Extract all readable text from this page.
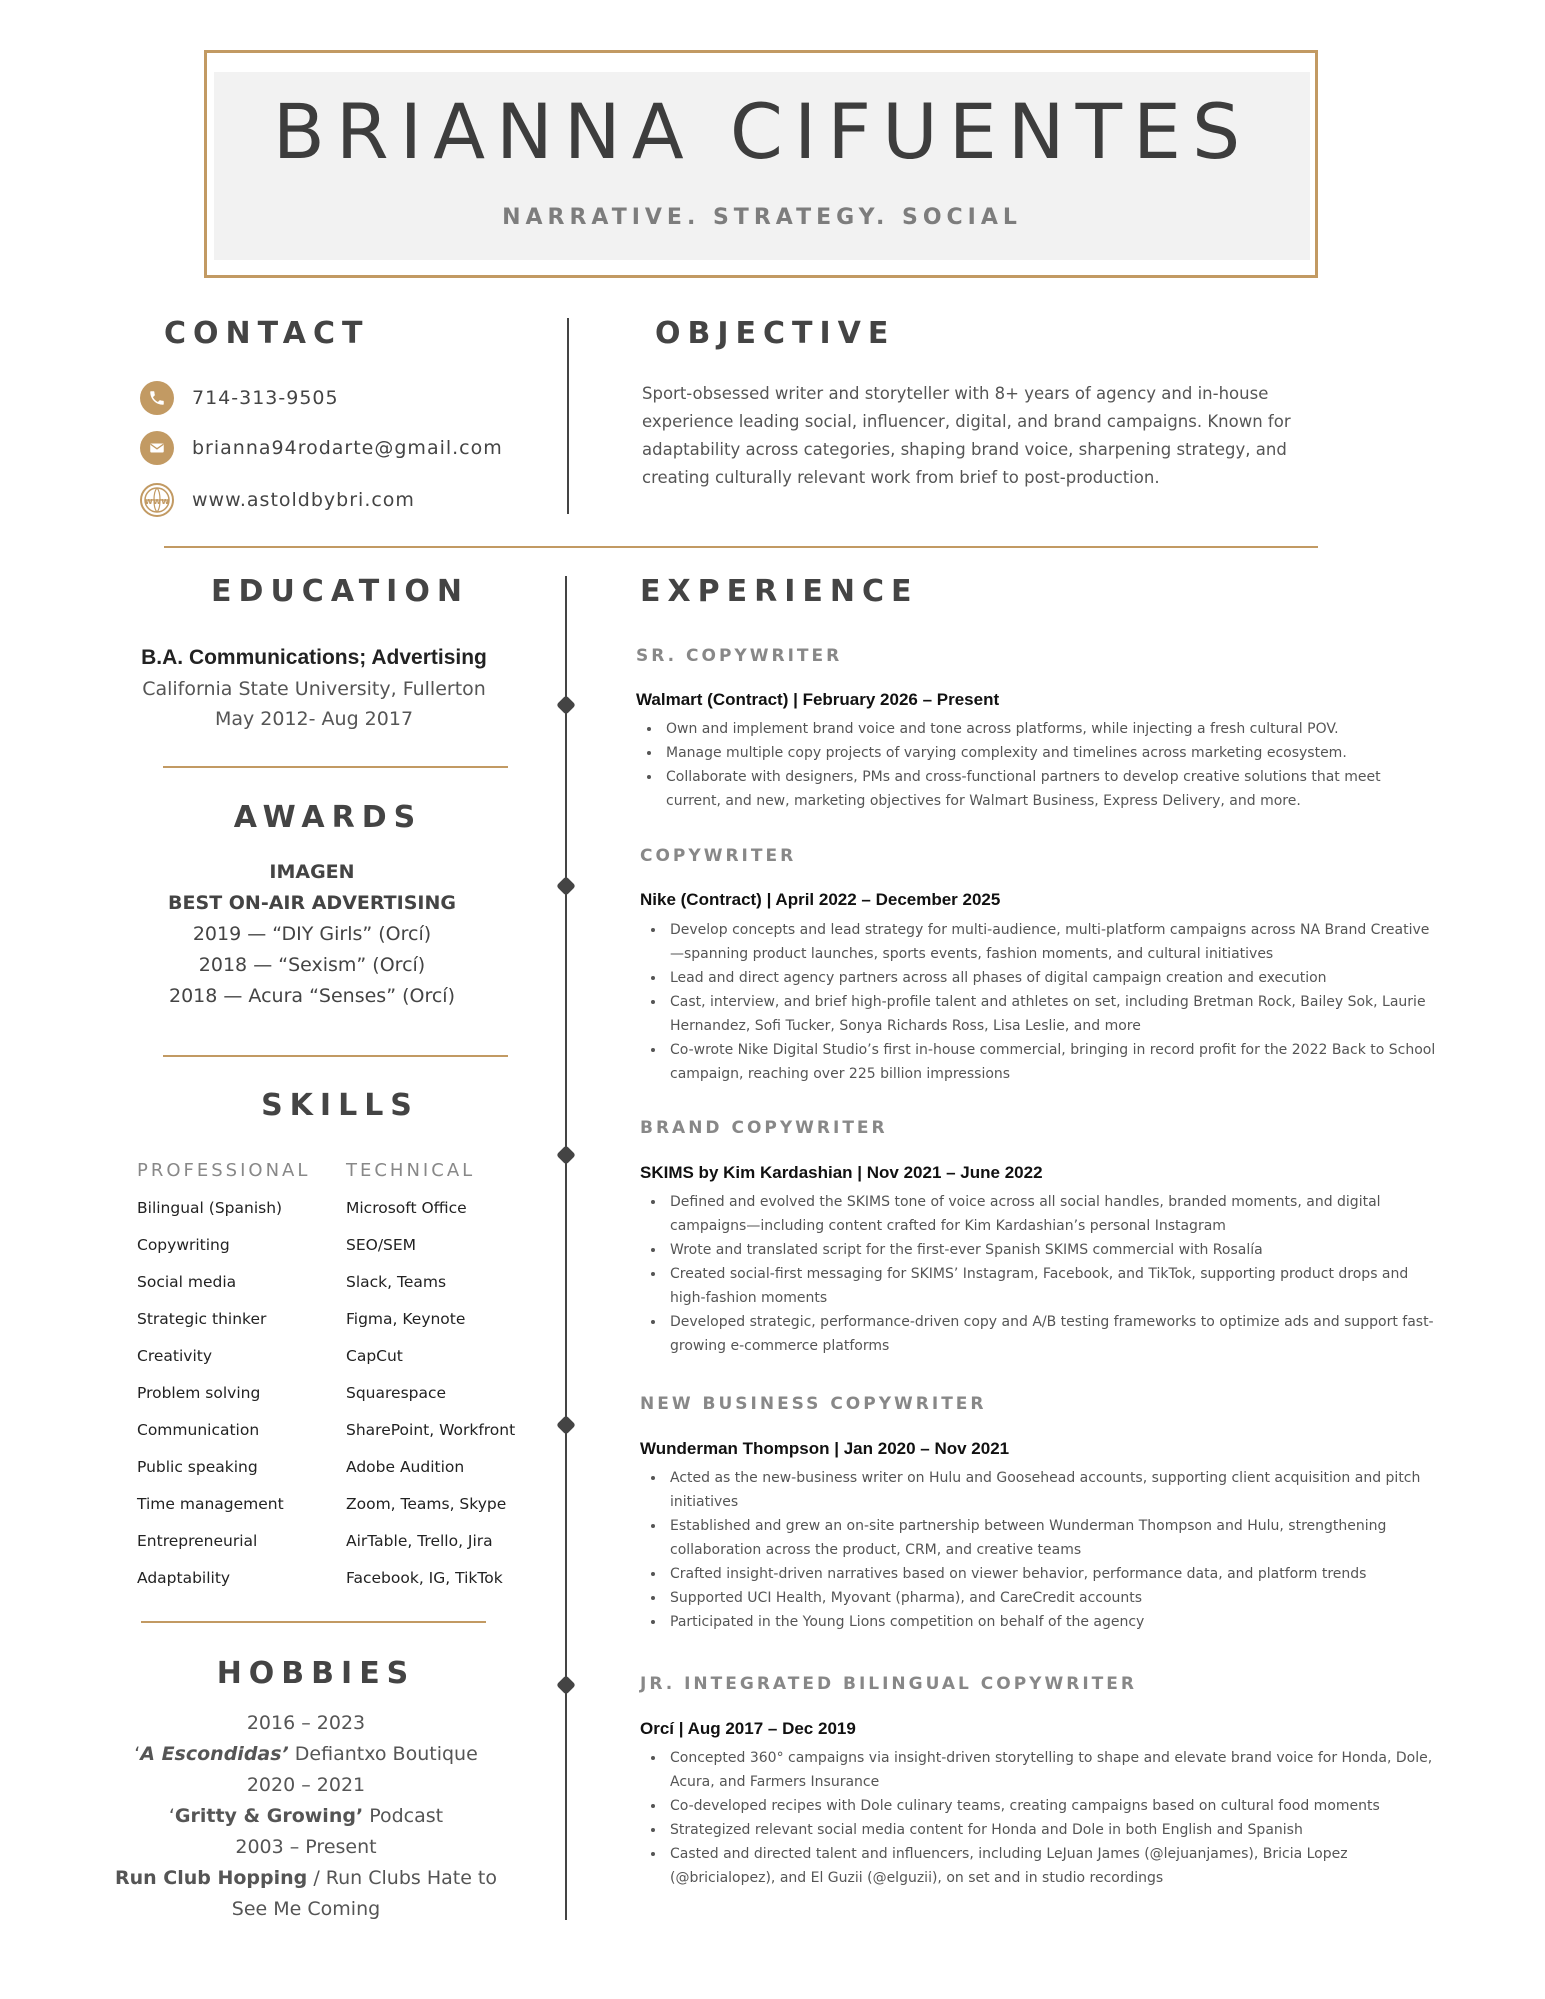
BRIANNA CIFUENTES
NARRATIVE. STRATEGY. SOCIAL
CONTACT
714-313-9505
brianna94rodarte@gmail.com
www www.astoldbybri.com
OBJECTIVE
Sport-obsessed writer and storyteller with 8+ years of agency and in-house experience leading social, influencer, digital, and brand campaigns. Known for adaptability across categories, shaping brand voice, sharpening strategy, and creating culturally relevant work from brief to post-production.
EDUCATION
B.A. Communications; Advertising
California State University, Fullerton
May 2012- Aug 2017
AWARDS
IMAGEN
BEST ON-AIR ADVERTISING
2019 — “DIY Girls” (Orcí)
2018 — “Sexism” (Orcí)
2018 — Acura “Senses” (Orcí)
SKILLS
PROFESSIONAL TECHNICAL
Bilingual (Spanish)
Copywriting
Social media
Strategic thinker
Creativity
Problem solving
Communication
Public speaking
Time management
Entrepreneurial
Adaptability
Microsoft Office
SEO/SEM
Slack, Teams
Figma, Keynote
CapCut
Squarespace
SharePoint, Workfront
Adobe Audition
Zoom, Teams, Skype
AirTable, Trello, Jira
Facebook, IG, TikTok
HOBBIES
2016 – 2023
‘A Escondidas’ Defiantxo Boutique
2020 – 2021
‘Gritty & Growing’ Podcast
2003 – Present
Run Club Hopping / Run Clubs Hate to
See Me Coming
EXPERIENCE
SR. COPYWRITER
Walmart (Contract) | February 2026 – Present
• Own and implement brand voice and tone across platforms, while injecting a fresh cultural POV.
• Manage multiple copy projects of varying complexity and timelines across marketing ecosystem.
• Collaborate with designers, PMs and cross-functional partners to develop creative solutions that meet current, and new, marketing objectives for Walmart Business, Express Delivery, and more.
COPYWRITER
Nike (Contract) | April 2022 – December 2025
• Develop concepts and lead strategy for multi-audience, multi-platform campaigns across NA Brand Creative—spanning product launches, sports events, fashion moments, and cultural initiatives
• Lead and direct agency partners across all phases of digital campaign creation and execution
• Cast, interview, and brief high-profile talent and athletes on set, including Bretman Rock, Bailey Sok, Laurie Hernandez, Sofi Tucker, Sonya Richards Ross, Lisa Leslie, and more
• Co-wrote Nike Digital Studio’s first in-house commercial, bringing in record profit for the 2022 Back to School campaign, reaching over 225 billion impressions
BRAND COPYWRITER
SKIMS by Kim Kardashian | Nov 2021 – June 2022
• Defined and evolved the SKIMS tone of voice across all social handles, branded moments, and digital campaigns—including content crafted for Kim Kardashian’s personal Instagram
• Wrote and translated script for the first-ever Spanish SKIMS commercial with Rosalía
• Created social-first messaging for SKIMS’ Instagram, Facebook, and TikTok, supporting product drops and high-fashion moments
• Developed strategic, performance-driven copy and A/B testing frameworks to optimize ads and support fast-growing e-commerce platforms
NEW BUSINESS COPYWRITER
Wunderman Thompson | Jan 2020 – Nov 2021
• Acted as the new-business writer on Hulu and Goosehead accounts, supporting client acquisition and pitch initiatives
• Established and grew an on-site partnership between Wunderman Thompson and Hulu, strengthening collaboration across the product, CRM, and creative teams
• Crafted insight-driven narratives based on viewer behavior, performance data, and platform trends
• Supported UCI Health, Myovant (pharma), and CareCredit accounts
• Participated in the Young Lions competition on behalf of the agency
JR. INTEGRATED BILINGUAL COPYWRITER
Orcí | Aug 2017 – Dec 2019
• Concepted 360° campaigns via insight-driven storytelling to shape and elevate brand voice for Honda, Dole, Acura, and Farmers Insurance
• Co-developed recipes with Dole culinary teams, creating campaigns based on cultural food moments
• Strategized relevant social media content for Honda and Dole in both English and Spanish
• Casted and directed talent and influencers, including LeJuan James (@lejuanjames), Bricia Lopez (@bricialopez), and El Guzii (@elguzii), on set and in studio recordings
